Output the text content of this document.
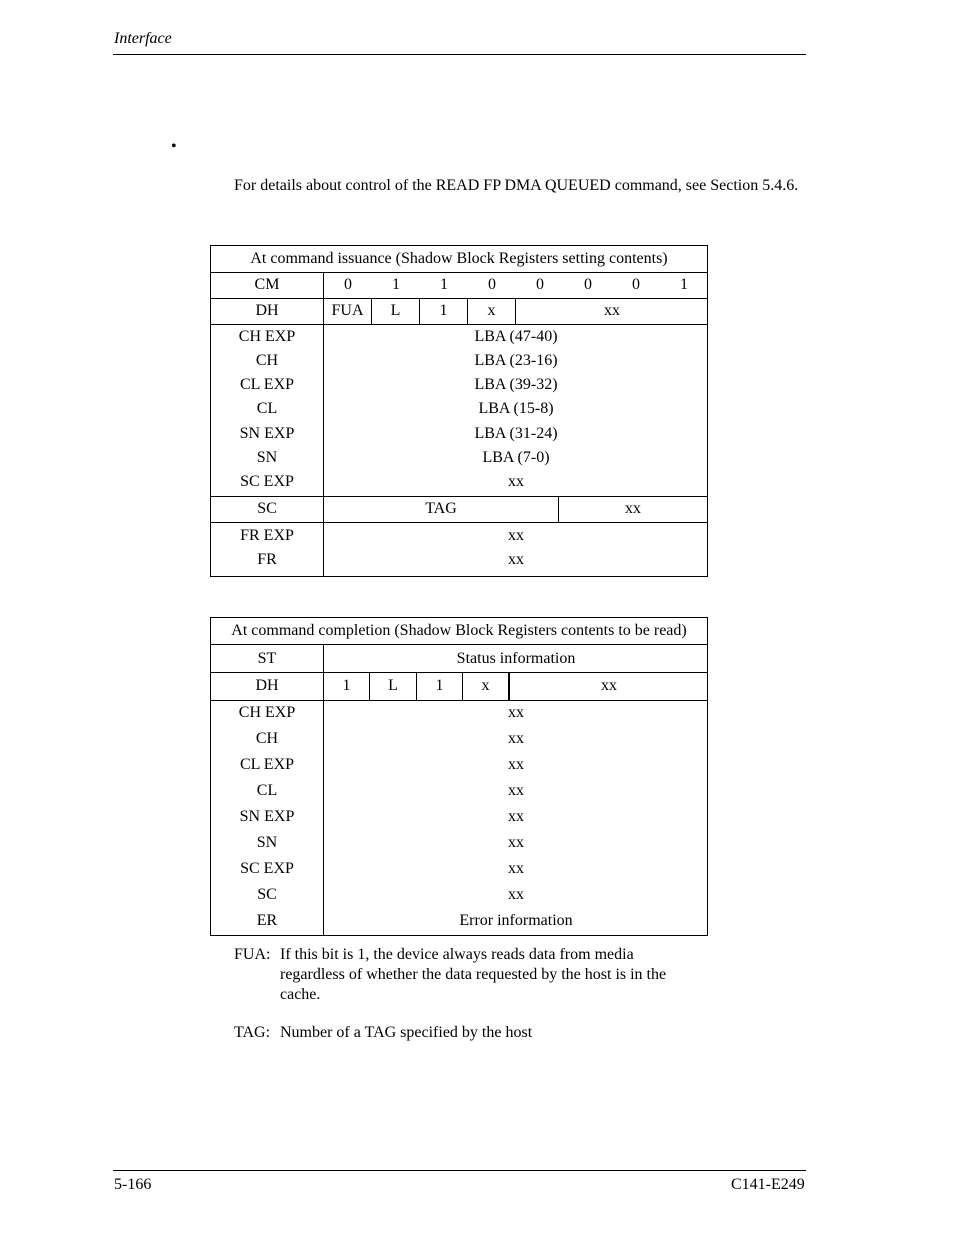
Interface
•
For details about control of the READ FP DMA QUEUED command, see Section 5.4.6.
At command issuance (Shadow Block Registers setting contents)
CM	0	1	1	0	0	0	0	1
DH	FUA	L	1	x	xx
CH EXP	LBA (47-40)
CH	LBA (23-16)
CL EXP	LBA (39-32)
CL	LBA (15-8)
SN EXP	LBA (31-24)
SN	LBA (7-0)
SC EXP	xx
SC	TAG	xx
FR EXP	xx
FR	xx
At command completion (Shadow Block Registers contents to be read)
ST	Status information
DH	1	L	1	x	xx
CH EXP	xx
CH	xx
CL EXP	xx
CL	xx
SN EXP	xx
SN	xx
SC EXP	xx
SC	xx
ER	Error information
FUA: If this bit is 1, the device always reads data from media
regardless of whether the data requested by the host is in the
cache.
TAG: Number of a TAG specified by the host
5-166	C141-E249
